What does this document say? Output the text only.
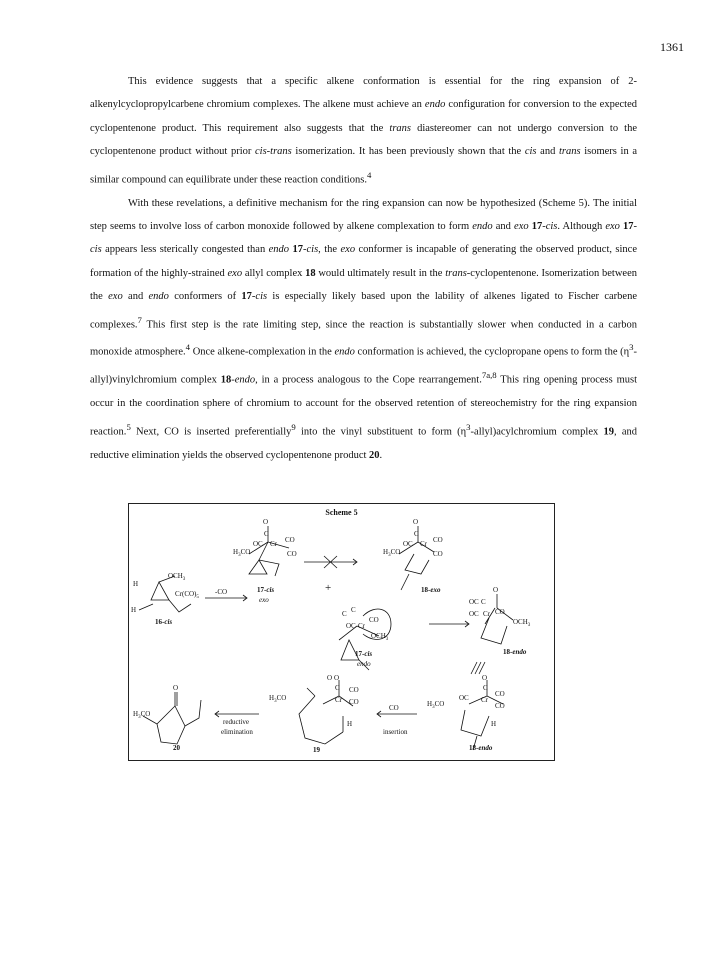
1361

This evidence suggests that a specific alkene conformation is essential for the ring expansion of 2-alkenylcyclopropylcarbene chromium complexes. The alkene must achieve an endo configuration for conversion to the expected cyclopentenone product. This requirement also suggests that the trans diastereomer can not undergo conversion to the cyclopentenone product without prior cis-trans isomerization. It has been previously shown that the cis and trans isomers in a similar compound can equilibrate under these reaction conditions.$^4$

With these revelations, a definitive mechanism for the ring expansion can now be hypothesized (Scheme 5). The initial step seems to involve loss of carbon monoxide followed by alkene complexation to form endo and exo 17-cis. Although exo 17-cis appears less sterically congested than endo 17-cis, the exo conformer is incapable of generating the observed product, since formation of the highly-strained exo allyl complex 18 would ultimately result in the trans-cyclopentenone. Isomerization between the exo and endo conformers of 17-cis is especially likely based upon the lability of alkenes ligated to Fischer carbene complexes.$^7$ This first step is the rate limiting step, since the reaction is substantially slower when conducted in a carbon monoxide atmosphere.$^4$ Once alkene-complexation in the endo conformation is achieved, the cyclopropane opens to form the $(\eta^3-allyl)vinylchromium$ complex 18-endo, in a process analogous to the Cope rearrangement.$^{7a,8}$ This ring opening process must occur in the coordination sphere of chromium to account for the observed retention of stereochemistry for the ring expansion reaction.$^5$ Next, CO is inserted preferentially$^9$ into the vinyl substituent to form $(\eta^3-allyl)acylchromium$ complex 19, and reductive elimination yields the observed cyclopentenone product 20.

Scheme 5
$OCH_3$
H
$Cr(CO)_5$
H
O
C
OC Cr CO
$H_3CO$	CO
O
C
OC Cr CO
$H_3CO$	CO
C C
OC Cr
CO
$OCH_3$
O
OC C
OC Cr CO
$OCH_3$
O
C
OC Cr
CO
CO
$H_3CO$
H
O O
C
$H_3CO$	Cr
CO
CO
H
O
$H_3CO$
16-cis
-CO	17-cis
exo
+	18-exo
17-cis
endo
18-endo
reductive
elimination
CO
insertion
20	19	18-endo
